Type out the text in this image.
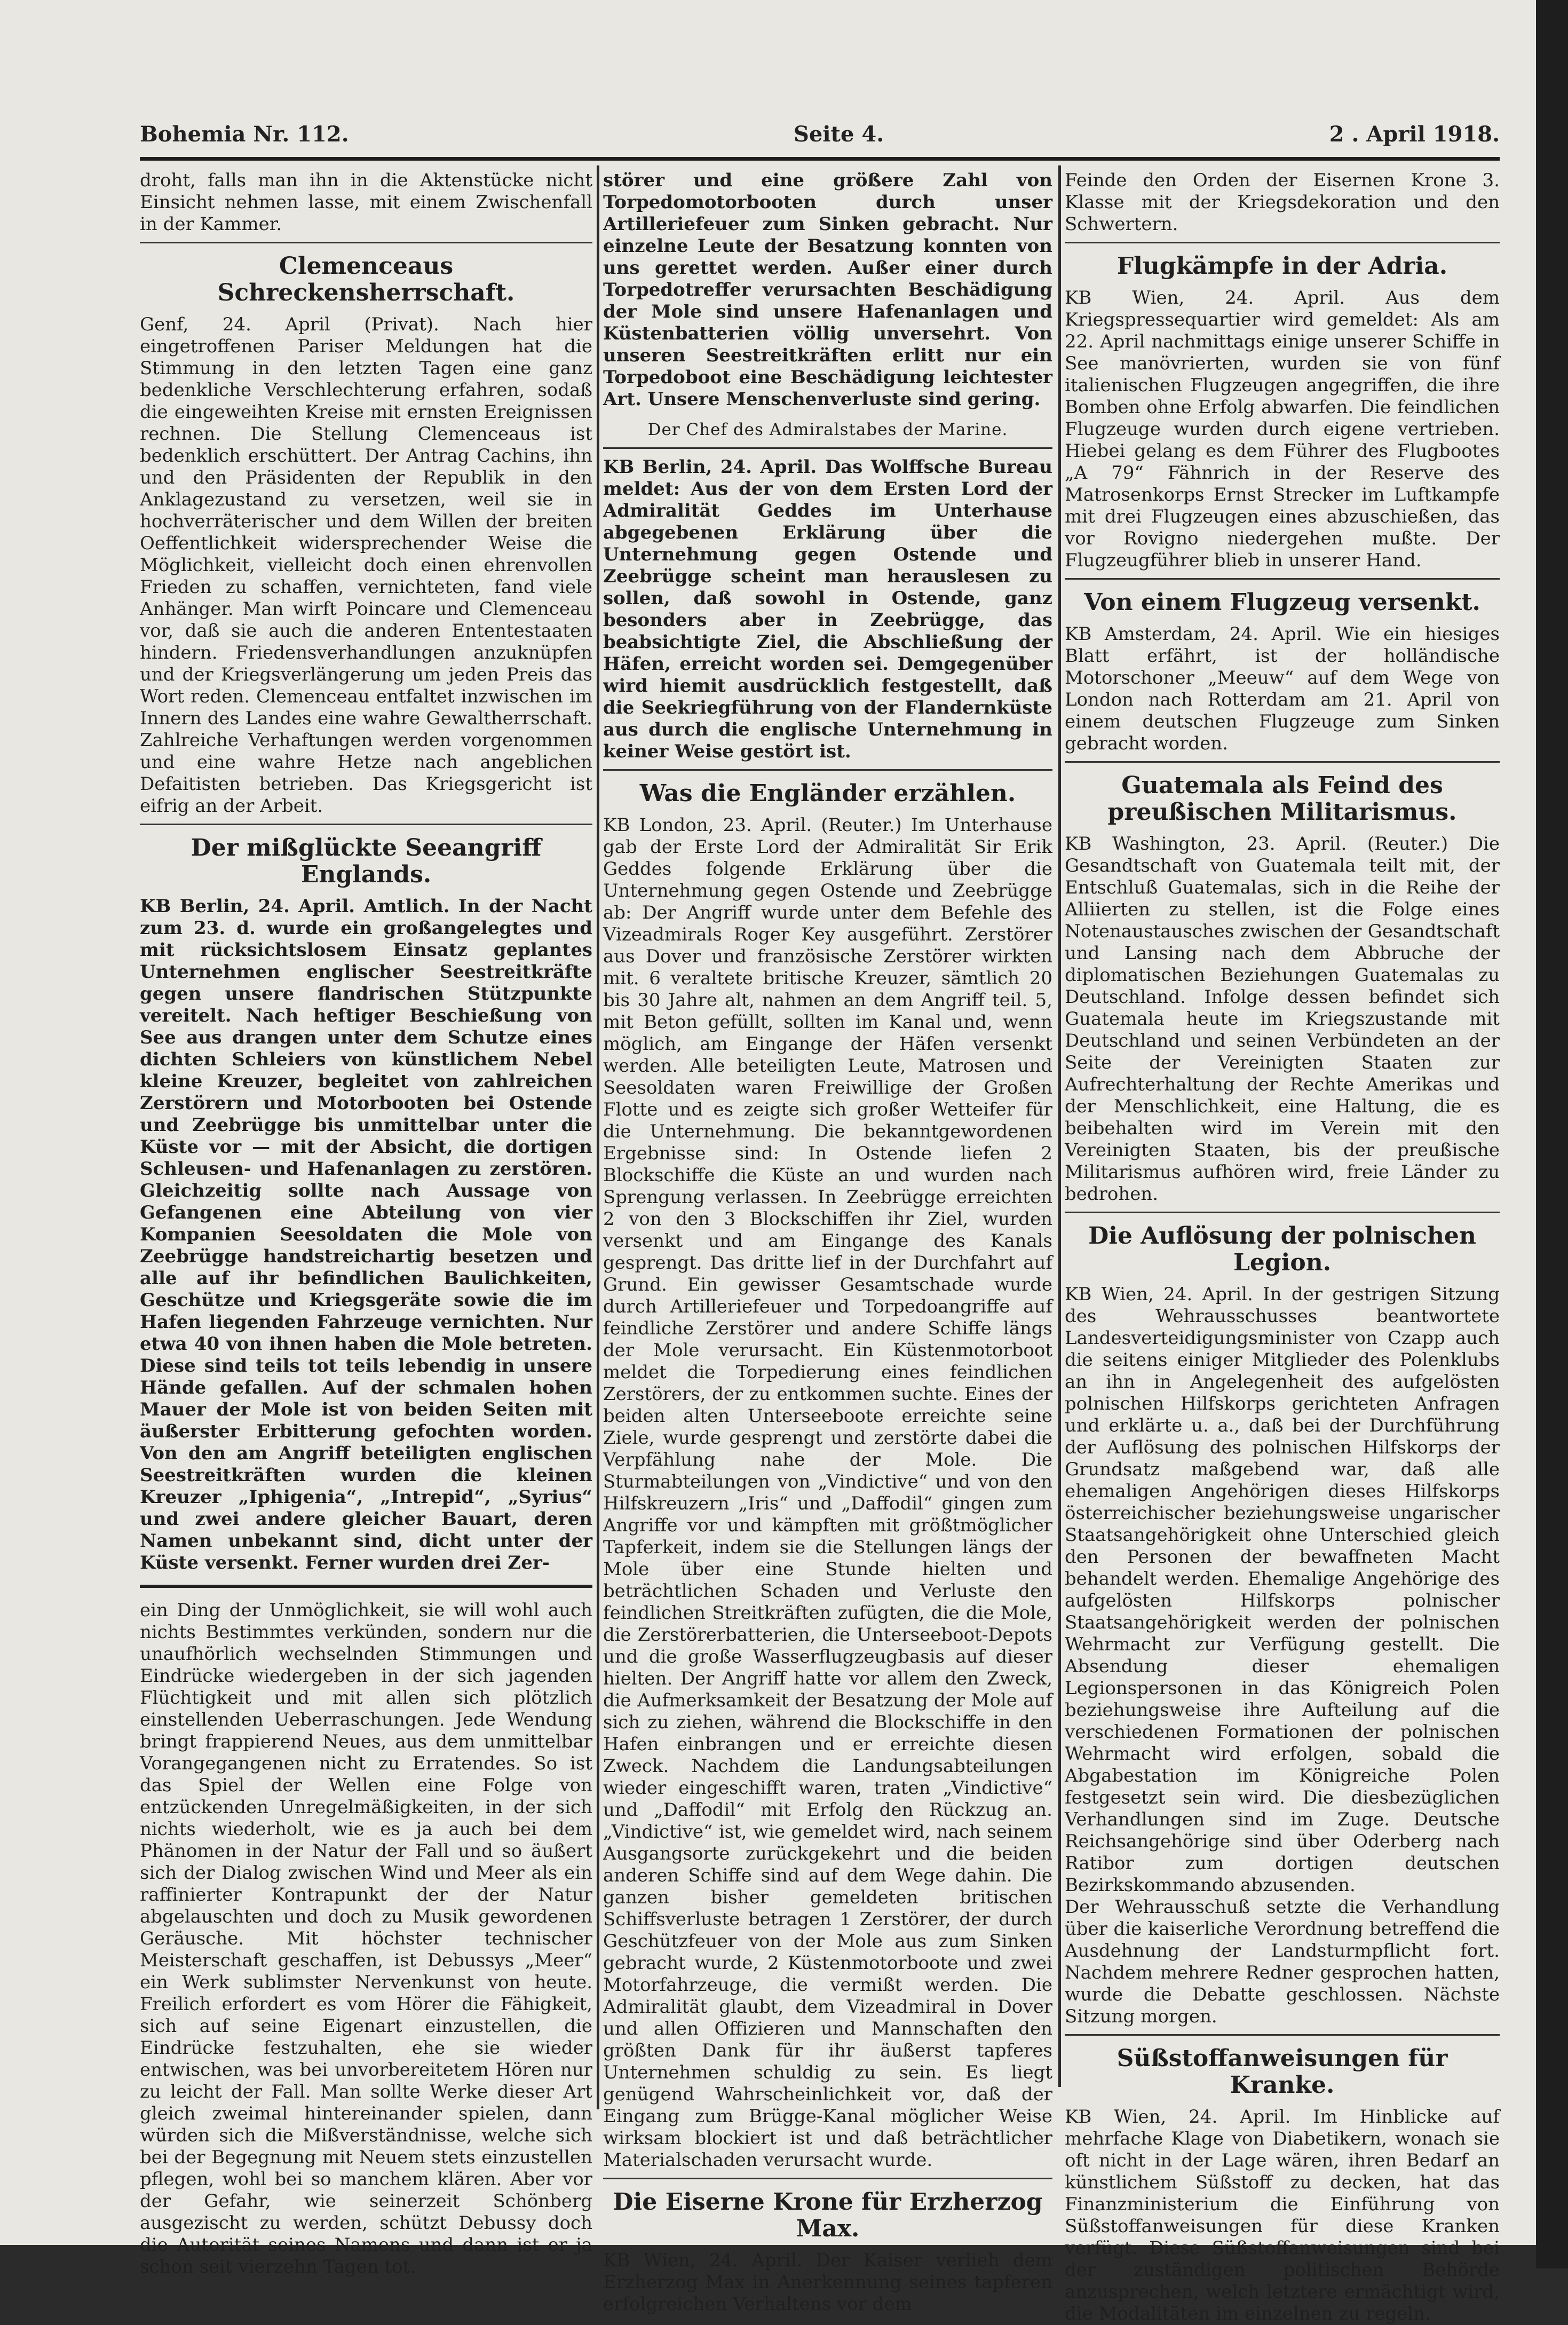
Bohemia Nr. 112.	Seite 4.	2 . April 1918.

droht, falls man ihn in die Aktenstücke nicht Einsicht nehmen lasse, mit einem Zwischenfall in der Kammer.

Clemenceaus Schreckensherrschaft.

Genf, 24. April (Privat). Nach hier eingetroffenen Pariser Meldungen hat die Stimmung in den letzten Tagen eine ganz bedenkliche Verschlechterung erfahren, sodaß die eingeweihten Kreise mit ernsten Ereignissen rechnen. Die Stellung Clemenceaus ist bedenklich erschüttert. Der Antrag Cachins, ihn und den Präsidenten der Republik in den Anklagezustand zu versetzen, weil sie in hochverräterischer und dem Willen der breiten Oeffentlichkeit widersprechender Weise die Möglichkeit, vielleicht doch einen ehrenvollen Frieden zu schaffen, vernichteten, fand viele Anhänger. Man wirft Poincare und Clemenceau vor, daß sie auch die anderen Ententestaaten hindern. Friedensverhandlungen anzuknüpfen und der Kriegsverlängerung um jeden Preis das Wort reden. Clemenceau entfaltet inzwischen im Innern des Landes eine wahre Gewaltherrschaft. Zahlreiche Verhaftungen werden vorgenommen und eine wahre Hetze nach angeblichen Defaitisten betrieben. Das Kriegsgericht ist eifrig an der Arbeit.

Der mißglückte Seeangriff Englands.

KB Berlin, 24. April. Amtlich. In der Nacht zum 23. d. wurde ein großangelegtes und mit rücksichtslosem Einsatz geplantes Unternehmen englischer Seestreitkräfte gegen unsere flandrischen Stützpunkte vereitelt. Nach heftiger Beschießung von See aus drangen unter dem Schutze eines dichten Schleiers von künstlichem Nebel kleine Kreuzer, begleitet von zahlreichen Zerstörern und Motorbooten bei Ostende und Zeebrügge bis unmittelbar unter die Küste vor — mit der Absicht, die dortigen Schleusen- und Hafenanlagen zu zerstören. Gleichzeitig sollte nach Aussage von Gefangenen eine Abteilung von vier Kompanien Seesoldaten die Mole von Zeebrügge handstreichartig besetzen und alle auf ihr befindlichen Baulichkeiten, Geschütze und Kriegsgeräte sowie die im Hafen liegenden Fahrzeuge vernichten. Nur etwa 40 von ihnen haben die Mole betreten. Diese sind teils tot teils lebendig in unsere Hände gefallen. Auf der schmalen hohen Mauer der Mole ist von beiden Seiten mit äußerster Erbitterung gefochten worden. Von den am Angriff beteiligten englischen Seestreitkräften wurden die kleinen Kreuzer „Iphigenia“, „Intrepid“, „Syrius“ und zwei andere gleicher Bauart, deren Namen unbekannt sind, dicht unter der Küste versenkt. Ferner wurden drei Zer-

ein Ding der Unmöglichkeit, sie will wohl auch nichts Bestimmtes verkünden, sondern nur die unaufhörlich wechselnden Stimmungen und Eindrücke wiedergeben in der sich jagenden Flüchtigkeit und mit allen sich plötzlich einstellenden Ueberraschungen. Jede Wendung bringt frappierend Neues, aus dem unmittelbar Vorangegangenen nicht zu Erratendes. So ist das Spiel der Wellen eine Folge von entzückenden Unregelmäßigkeiten, in der sich nichts wiederholt, wie es ja auch bei dem Phänomen in der Natur der Fall und so äußert sich der Dialog zwischen Wind und Meer als ein raffinierter Kontrapunkt der der Natur abgelauschten und doch zu Musik gewordenen Geräusche. Mit höchster technischer Meisterschaft geschaffen, ist Debussys „Meer“ ein Werk sublimster Nervenkunst von heute. Freilich erfordert es vom Hörer die Fähigkeit, sich auf seine Eigenart einzustellen, die Eindrücke festzuhalten, ehe sie wieder entwischen, was bei unvorbereitetem Hören nur zu leicht der Fall. Man sollte Werke dieser Art gleich zweimal hintereinander spielen, dann würden sich die Mißverständnisse, welche sich bei der Begegnung mit Neuem stets einzustellen pflegen, wohl bei so manchem klären. Aber vor der Gefahr, wie seinerzeit Schönberg ausgezischt zu werden, schützt Debussy doch die Autorität seines Namens und dann ist er ja schon seit vierzehn Tagen tot.

störer und eine größere Zahl von Torpedomotorbooten durch unser Artilleriefeuer zum Sinken gebracht. Nur einzelne Leute der Besatzung konnten von uns gerettet werden. Außer einer durch Torpedotreffer verursachten Beschädigung der Mole sind unsere Hafenanlagen und Küstenbatterien völlig unversehrt. Von unseren Seestreitkräften erlitt nur ein Torpedoboot eine Beschädigung leichtester Art. Unsere Menschenverluste sind gering.

Der Chef des Admiralstabes der Marine.

KB Berlin, 24. April. Das Wolffsche Bureau meldet: Aus der von dem Ersten Lord der Admiralität Geddes im Unterhause abgegebenen Erklärung über die Unternehmung gegen Ostende und Zeebrügge scheint man herauslesen zu sollen, daß sowohl in Ostende, ganz besonders aber in Zeebrügge, das beabsichtigte Ziel, die Abschließung der Häfen, erreicht worden sei. Demgegenüber wird hiemit ausdrücklich festgestellt, daß die Seekriegführung von der Flandernküste aus durch die englische Unternehmung in keiner Weise gestört ist.

Was die Engländer erzählen.

KB London, 23. April. (Reuter.) Im Unterhause gab der Erste Lord der Admiralität Sir Erik Geddes folgende Erklärung über die Unternehmung gegen Ostende und Zeebrügge ab: Der Angriff wurde unter dem Befehle des Vizeadmirals Roger Key ausgeführt. Zerstörer aus Dover und französische Zerstörer wirkten mit. 6 veraltete britische Kreuzer, sämtlich 20 bis 30 Jahre alt, nahmen an dem Angriff teil. 5, mit Beton gefüllt, sollten im Kanal und, wenn möglich, am Eingange der Häfen versenkt werden. Alle beteiligten Leute, Matrosen und Seesoldaten waren Freiwillige der Großen Flotte und es zeigte sich großer Wetteifer für die Unternehmung. Die bekanntgewordenen Ergebnisse sind: In Ostende liefen 2 Blockschiffe die Küste an und wurden nach Sprengung verlassen. In Zeebrügge erreichten 2 von den 3 Blockschiffen ihr Ziel, wurden versenkt und am Eingange des Kanals gesprengt. Das dritte lief in der Durchfahrt auf Grund. Ein gewisser Gesamtschade wurde durch Artilleriefeuer und Torpedoangriffe auf feindliche Zerstörer und andere Schiffe längs der Mole verursacht. Ein Küstenmotorboot meldet die Torpedierung eines feindlichen Zerstörers, der zu entkommen suchte. Eines der beiden alten Unterseeboote erreichte seine Ziele, wurde gesprengt und zerstörte dabei die Verpfählung nahe der Mole. Die Sturmabteilungen von „Vindictive“ und von den Hilfskreuzern „Iris“ und „Daffodil“ gingen zum Angriffe vor und kämpften mit größtmöglicher Tapferkeit, indem sie die Stellungen längs der Mole über eine Stunde hielten und beträchtlichen Schaden und Verluste den feindlichen Streitkräften zufügten, die die Mole, die Zerstörerbatterien, die Unterseeboot-Depots und die große Wasserflugzeugbasis auf dieser hielten. Der Angriff hatte vor allem den Zweck, die Aufmerksamkeit der Besatzung der Mole auf sich zu ziehen, während die Blockschiffe in den Hafen einbrangen und er erreichte diesen Zweck. Nachdem die Landungsabteilungen wieder eingeschifft waren, traten „Vindictive“ und „Daffodil“ mit Erfolg den Rückzug an. „Vindictive“ ist, wie gemeldet wird, nach seinem Ausgangsorte zurückgekehrt und die beiden anderen Schiffe sind auf dem Wege dahin. Die ganzen bisher gemeldeten britischen Schiffsverluste betragen 1 Zerstörer, der durch Geschützfeuer von der Mole aus zum Sinken gebracht wurde, 2 Küstenmotorboote und zwei Motorfahrzeuge, die vermißt werden. Die Admiralität glaubt, dem Vizeadmiral in Dover und allen Offizieren und Mannschaften den größten Dank für ihr äußerst tapferes Unternehmen schuldig zu sein. Es liegt genügend Wahrscheinlichkeit vor, daß der Eingang zum Brügge-Kanal möglicher Weise wirksam blockiert ist und daß beträchtlicher Materialschaden verursacht wurde.

Die Eiserne Krone für Erzherzog Max.

KB Wien, 24. April. Der Kaiser verlieh dem Erzherzog Max in Anerkennung seines tapferen erfolgreichen Verhaltens vor dem

Feinde den Orden der Eisernen Krone 3. Klasse mit der Kriegsdekoration und den Schwertern.

Flugkämpfe in der Adria.

KB Wien, 24. April. Aus dem Kriegspressequartier wird gemeldet: Als am 22. April nachmittags einige unserer Schiffe in See manövrierten, wurden sie von fünf italienischen Flugzeugen angegriffen, die ihre Bomben ohne Erfolg abwarfen. Die feindlichen Flugzeuge wurden durch eigene vertrieben. Hiebei gelang es dem Führer des Flugbootes „A 79“ Fähnrich in der Reserve des Matrosenkorps Ernst Strecker im Luftkampfe mit drei Flugzeugen eines abzuschießen, das vor Rovigno niedergehen mußte. Der Flugzeugführer blieb in unserer Hand.

Von einem Flugzeug versenkt.

KB Amsterdam, 24. April. Wie ein hiesiges Blatt erfährt, ist der holländische Motorschoner „Meeuw“ auf dem Wege von London nach Rotterdam am 21. April von einem deutschen Flugzeuge zum Sinken gebracht worden.

Guatemala als Feind des preußischen Militarismus.

KB Washington, 23. April. (Reuter.) Die Gesandtschaft von Guatemala teilt mit, der Entschluß Guatemalas, sich in die Reihe der Alliierten zu stellen, ist die Folge eines Notenaustausches zwischen der Gesandtschaft und Lansing nach dem Abbruche der diplomatischen Beziehungen Guatemalas zu Deutschland. Infolge dessen befindet sich Guatemala heute im Kriegszustande mit Deutschland und seinen Verbündeten an der Seite der Vereinigten Staaten zur Aufrechterhaltung der Rechte Amerikas und der Menschlichkeit, eine Haltung, die es beibehalten wird im Verein mit den Vereinigten Staaten, bis der preußische Militarismus aufhören wird, freie Länder zu bedrohen.

Die Auflösung der polnischen Legion.

KB Wien, 24. April. In der gestrigen Sitzung des Wehrausschusses beantwortete Landesverteidigungsminister von Czapp auch die seitens einiger Mitglieder des Polenklubs an ihn in Angelegenheit des aufgelösten polnischen Hilfskorps gerichteten Anfragen und erklärte u. a., daß bei der Durchführung der Auflösung des polnischen Hilfskorps der Grundsatz maßgebend war, daß alle ehemaligen Angehörigen dieses Hilfskorps österreichischer beziehungsweise ungarischer Staatsangehörigkeit ohne Unterschied gleich den Personen der bewaffneten Macht behandelt werden. Ehemalige Angehörige des aufgelösten Hilfskorps polnischer Staatsangehörigkeit werden der polnischen Wehrmacht zur Verfügung gestellt. Die Absendung dieser ehemaligen Legionspersonen in das Königreich Polen beziehungsweise ihre Aufteilung auf die verschiedenen Formationen der polnischen Wehrmacht wird erfolgen, sobald die Abgabestation im Königreiche Polen festgesetzt sein wird. Die diesbezüglichen Verhandlungen sind im Zuge. Deutsche Reichsangehörige sind über Oderberg nach Ratibor zum dortigen deutschen Bezirkskommando abzusenden.

Der Wehrausschuß setzte die Verhandlung über die kaiserliche Verordnung betreffend die Ausdehnung der Landsturmpflicht fort. Nachdem mehrere Redner gesprochen hatten, wurde die Debatte geschlossen. Nächste Sitzung morgen.

Süßstoffanweisungen für Kranke.

KB Wien, 24. April. Im Hinblicke auf mehrfache Klage von Diabetikern, wonach sie oft nicht in der Lage wären, ihren Bedarf an künstlichem Süßstoff zu decken, hat das Finanzministerium die Einführung von Süßstoffanweisungen für diese Kranken verfügt. Diese Süßstoffanweisungen sind bei der zuständigen politischen Behörde anzusprechen, welch letztere ermächtigt wird, die Modalitäten im einzelnen zu regeln.
